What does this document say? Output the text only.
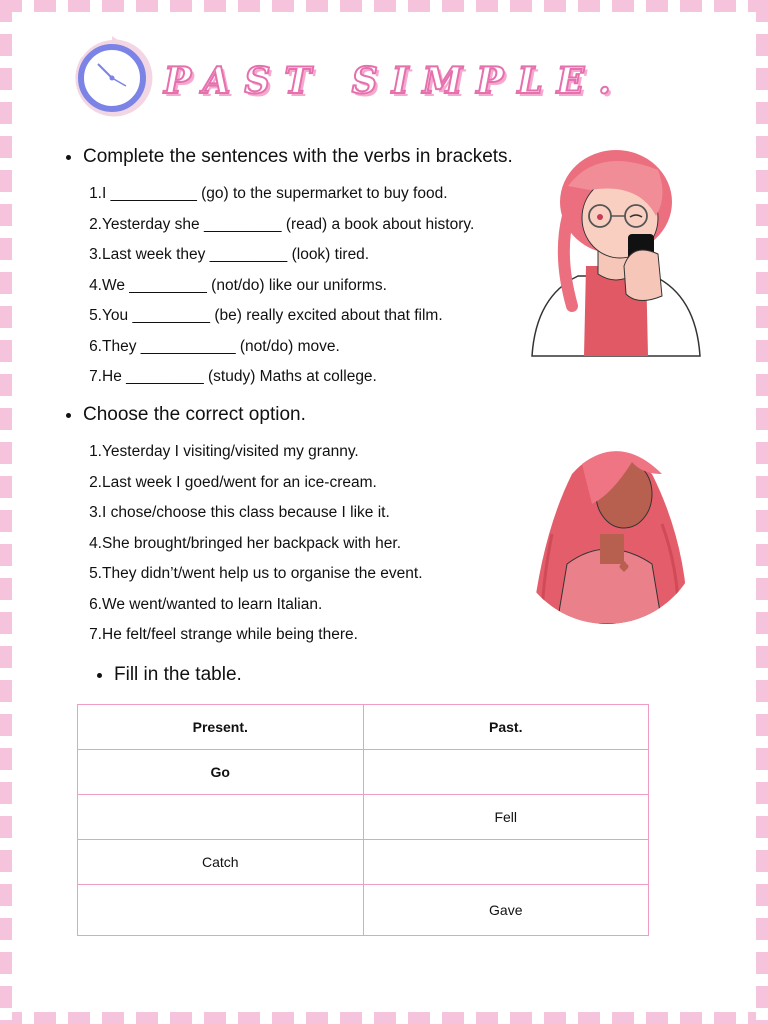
PAST SIMPLE.
Complete the sentences with the verbs in brackets.
1. I __________ (go) to the supermarket to buy food.
2. Yesterday she _________ (read) a book about history.
3. Last week they _________ (look) tired.
4. We _________ (not/do) like our uniforms.
5. You _________ (be) really excited about that film.
6. They ___________ (not/do) move.
7. He _________ (study) Maths at college.
Choose the correct option.
1. Yesterday I visiting/visited my granny.
2. Last week I goed/went for an ice-cream.
3. I chose/choose this class because I like it.
4. She brought/bringed her backpack with her.
5. They didn’t/went help us to organise the event.
6. We went/wanted to learn Italian.
7. He felt/feel strange while being there.
Fill in the table.
Present.	Past.
Go	
	Fell
Catch	
	Gave
